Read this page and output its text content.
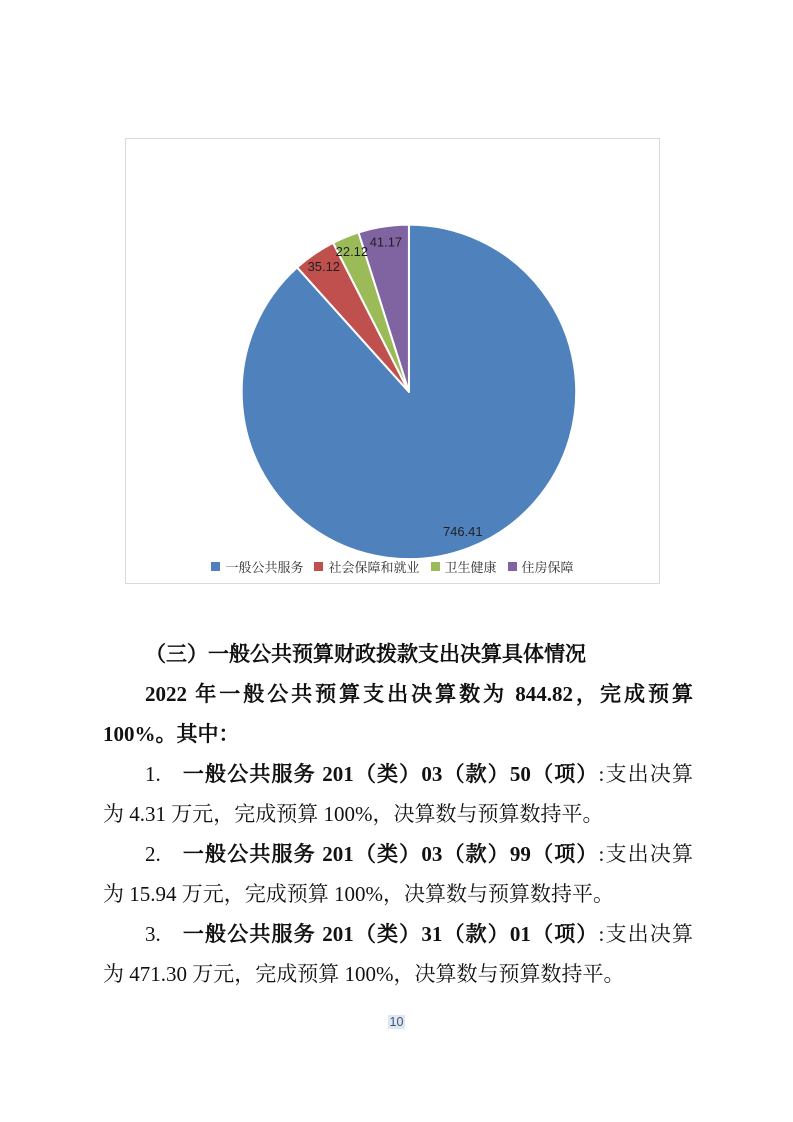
746.41
35.12
22.12
41.17
一般公共服务 社会保障和就业 卫生健康 住房保障
（三）一般公共预算财政拨款支出决算具体情况
2022 年一般公共预算支出决算数为 844.82，完成预算
100%。其中：
1.  一般公共服务 201（类）03（款）50（项）:支出决算
为 4.31 万元，完成预算 100%，决算数与预算数持平。
2.  一般公共服务 201（类）03（款）99（项）:支出决算
为 15.94 万元，完成预算 100%，决算数与预算数持平。
3.  一般公共服务 201（类）31（款）01（项）:支出决算
为 471.30 万元，完成预算 100%，决算数与预算数持平。
10
